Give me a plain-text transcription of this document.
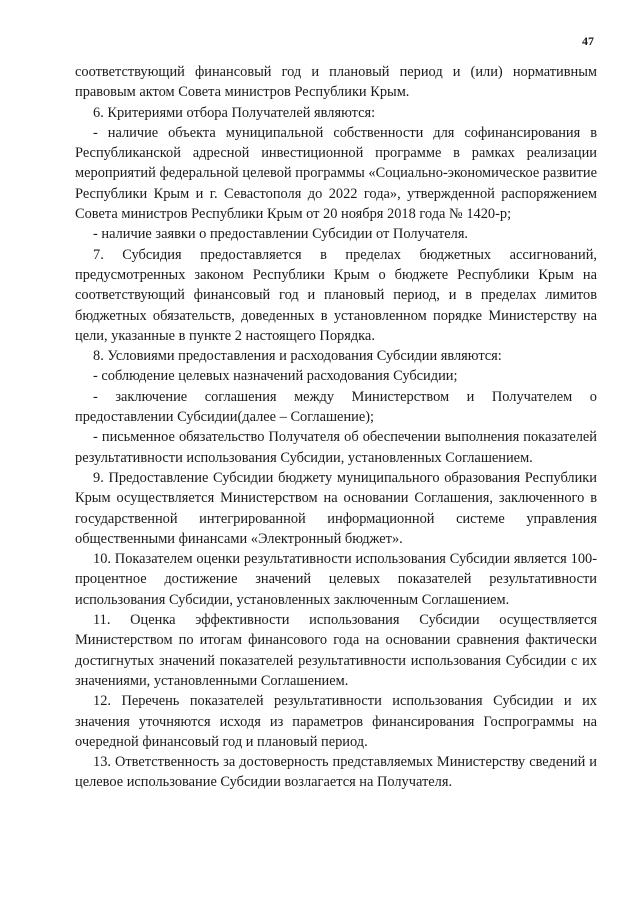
47

соответствующий финансовый год и плановый период и (или) нормативным правовым актом Совета министров Республики Крым.

6. Критериями отбора Получателей являются:

- наличие объекта муниципальной собственности для софинансирования в Республиканской адресной инвестиционной программе в рамках реализации мероприятий федеральной целевой программы «Социально-экономическое развитие Республики Крым и г. Севастополя до 2022 года», утвержденной распоряжением Совета министров Республики Крым от 20 ноября 2018 года № 1420-р;

- наличие заявки о предоставлении Субсидии от Получателя.

7. Субсидия предоставляется в пределах бюджетных ассигнований, предусмотренных законом Республики Крым о бюджете Республики Крым на соответствующий финансовый год и плановый период, и в пределах лимитов бюджетных обязательств, доведенных в установленном порядке Министерству на цели, указанные в пункте 2 настоящего Порядка.

8. Условиями предоставления и расходования Субсидии являются:

- соблюдение целевых назначений расходования Субсидии;

- заключение соглашения между Министерством и Получателем о предоставлении Субсидии(далее – Соглашение);

- письменное обязательство Получателя об обеспечении выполнения показателей результативности использования Субсидии, установленных Соглашением.

9. Предоставление Субсидии бюджету муниципального образования Республики Крым осуществляется Министерством на основании Соглашения, заключенного в государственной интегрированной информационной системе управления общественными финансами «Электронный бюджет».

10. Показателем оценки результативности использования Субсидии является 100-процентное достижение значений целевых показателей результативности использования Субсидии, установленных заключенным Соглашением.

11. Оценка эффективности использования Субсидии осуществляется Министерством по итогам финансового года на основании сравнения фактически достигнутых значений показателей результативности использования Субсидии с их значениями, установленными Соглашением.

12. Перечень показателей результативности использования Субсидии и их значения уточняются исходя из параметров финансирования Госпрограммы на очередной финансовый год и плановый период.

13. Ответственность за достоверность представляемых Министерству сведений и целевое использование Субсидии возлагается на Получателя.
